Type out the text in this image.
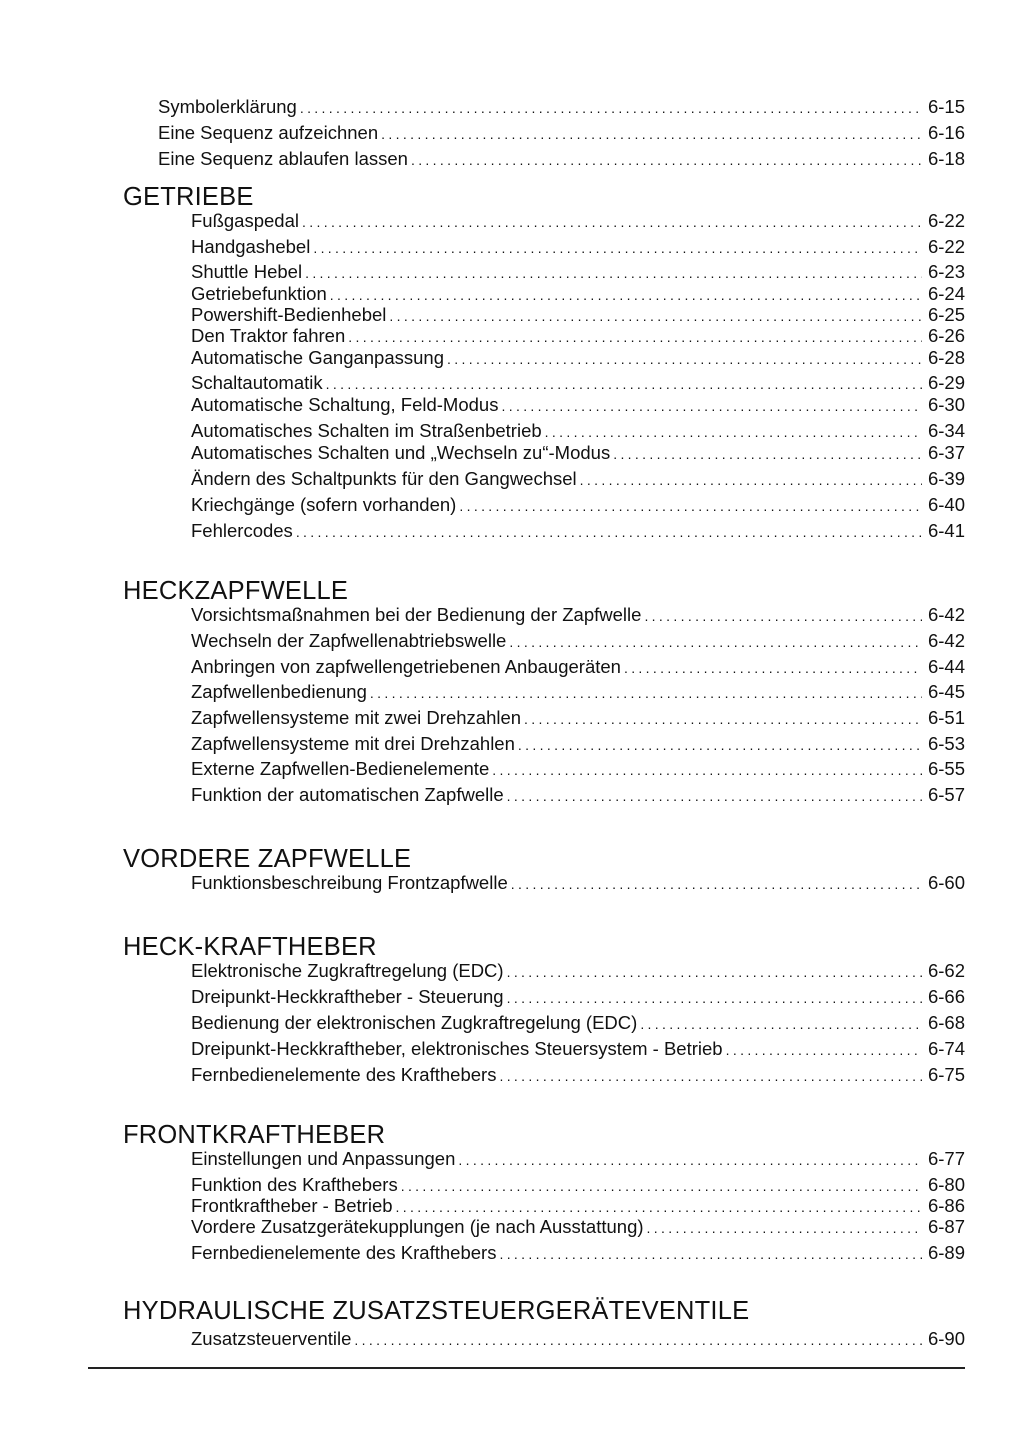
Symbolerklärung .....	6-15
Eine Sequenz aufzeichnen .....	6-16
Eine Sequenz ablaufen lassen .....	6-18
GETRIEBE
Fußgaspedal .....	6-22
Handgashebel .....	6-22
Shuttle Hebel .....	6-23
Getriebefunktion .....	6-24
Powershift-Bedienhebel .....	6-25
Den Traktor fahren .....	6-26
Automatische Ganganpassung .....	6-28
Schaltautomatik .....	6-29
Automatische Schaltung, Feld-Modus .....	6-30
Automatisches Schalten im Straßenbetrieb .....	6-34
Automatisches Schalten und „Wechseln zu“-Modus .....	6-37
Ändern des Schaltpunkts für den Gangwechsel .....	6-39
Kriechgänge (sofern vorhanden) .....	6-40
Fehlercodes .....	6-41
HECKZAPFWELLE
Vorsichtsmaßnahmen bei der Bedienung der Zapfwelle .....	6-42
Wechseln der Zapfwellenabtriebswelle .....	6-42
Anbringen von zapfwellengetriebenen Anbaugeräten .....	6-44
Zapfwellenbedienung .....	6-45
Zapfwellensysteme mit zwei Drehzahlen .....	6-51
Zapfwellensysteme mit drei Drehzahlen .....	6-53
Externe Zapfwellen-Bedienelemente .....	6-55
Funktion der automatischen Zapfwelle .....	6-57
VORDERE ZAPFWELLE
Funktionsbeschreibung Frontzapfwelle .....	6-60
HECK-KRAFTHEBER
Elektronische Zugkraftregelung (EDC) .....	6-62
Dreipunkt-Heckkraftheber - Steuerung .....	6-66
Bedienung der elektronischen Zugkraftregelung (EDC) .....	6-68
Dreipunkt-Heckkraftheber, elektronisches Steuersystem - Betrieb .....	6-74
Fernbedienelemente des Krafthebers .....	6-75
FRONTKRAFTHEBER
Einstellungen und Anpassungen .....	6-77
Funktion des Krafthebers .....	6-80
Frontkraftheber - Betrieb .....	6-86
Vordere Zusatzgerätekupplungen (je nach Ausstattung) .....	6-87
Fernbedienelemente des Krafthebers .....	6-89
HYDRAULISCHE ZUSATZSTEUERGERÄTEVENTILE
Zusatzsteuerventile .....	6-90
